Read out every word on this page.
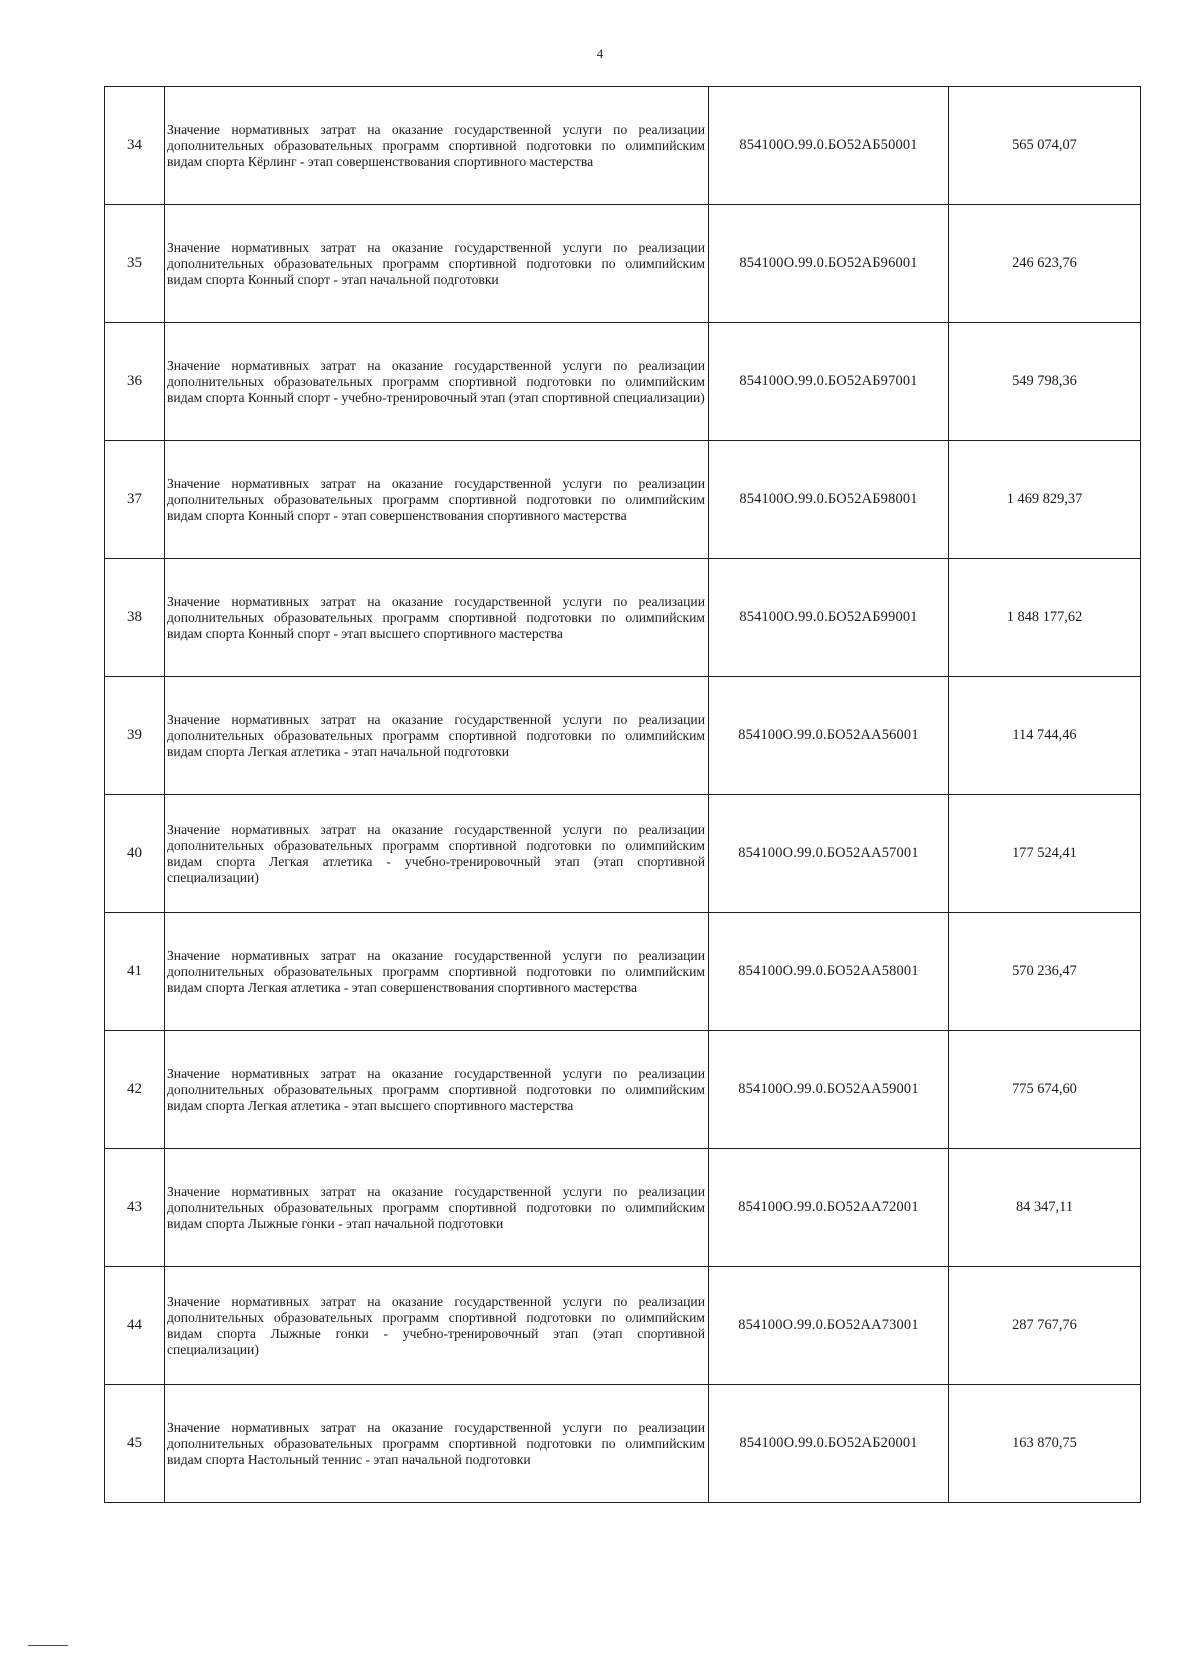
4
34	Значение нормативных затрат на оказание государственной услуги по реализации дополнительных образовательных программ спортивной подготовки по олимпийским видам спорта Кёрлинг - этап совершенствования спортивного мастерства	854100О.99.0.БО52АБ50001	565 074,07
35	Значение нормативных затрат на оказание государственной услуги по реализации дополнительных образовательных программ спортивной подготовки по олимпийским видам спорта Конный спорт - этап начальной подготовки	854100О.99.0.БО52АБ96001	246 623,76
36	Значение нормативных затрат на оказание государственной услуги по реализации дополнительных образовательных программ спортивной подготовки по олимпийским видам спорта Конный спорт - учебно-тренировочный этап (этап спортивной специализации)	854100О.99.0.БО52АБ97001	549 798,36
37	Значение нормативных затрат на оказание государственной услуги по реализации дополнительных образовательных программ спортивной подготовки по олимпийским видам спорта Конный спорт - этап совершенствования спортивного мастерства	854100О.99.0.БО52АБ98001	1 469 829,37
38	Значение нормативных затрат на оказание государственной услуги по реализации дополнительных образовательных программ спортивной подготовки по олимпийским видам спорта Конный спорт - этап высшего спортивного мастерства	854100О.99.0.БО52АБ99001	1 848 177,62
39	Значение нормативных затрат на оказание государственной услуги по реализации дополнительных образовательных программ спортивной подготовки по олимпийским видам спорта Легкая атлетика - этап начальной подготовки	854100О.99.0.БО52АА56001	114 744,46
40	Значение нормативных затрат на оказание государственной услуги по реализации дополнительных образовательных программ спортивной подготовки по олимпийским видам спорта Легкая атлетика - учебно-тренировочный этап (этап спортивной специализации)	854100О.99.0.БО52АА57001	177 524,41
41	Значение нормативных затрат на оказание государственной услуги по реализации дополнительных образовательных программ спортивной подготовки по олимпийским видам спорта Легкая атлетика - этап совершенствования спортивного мастерства	854100О.99.0.БО52АА58001	570 236,47
42	Значение нормативных затрат на оказание государственной услуги по реализации дополнительных образовательных программ спортивной подготовки по олимпийским видам спорта Легкая атлетика - этап высшего спортивного мастерства	854100О.99.0.БО52АА59001	775 674,60
43	Значение нормативных затрат на оказание государственной услуги по реализации дополнительных образовательных программ спортивной подготовки по олимпийским видам спорта Лыжные гонки - этап начальной подготовки	854100О.99.0.БО52АА72001	84 347,11
44	Значение нормативных затрат на оказание государственной услуги по реализации дополнительных образовательных программ спортивной подготовки по олимпийским видам спорта Лыжные гонки - учебно-тренировочный этап (этап спортивной специализации)	854100О.99.0.БО52АА73001	287 767,76
45	Значение нормативных затрат на оказание государственной услуги по реализации дополнительных образовательных программ спортивной подготовки по олимпийским видам спорта Настольный теннис - этап начальной подготовки	854100О.99.0.БО52АБ20001	163 870,75
